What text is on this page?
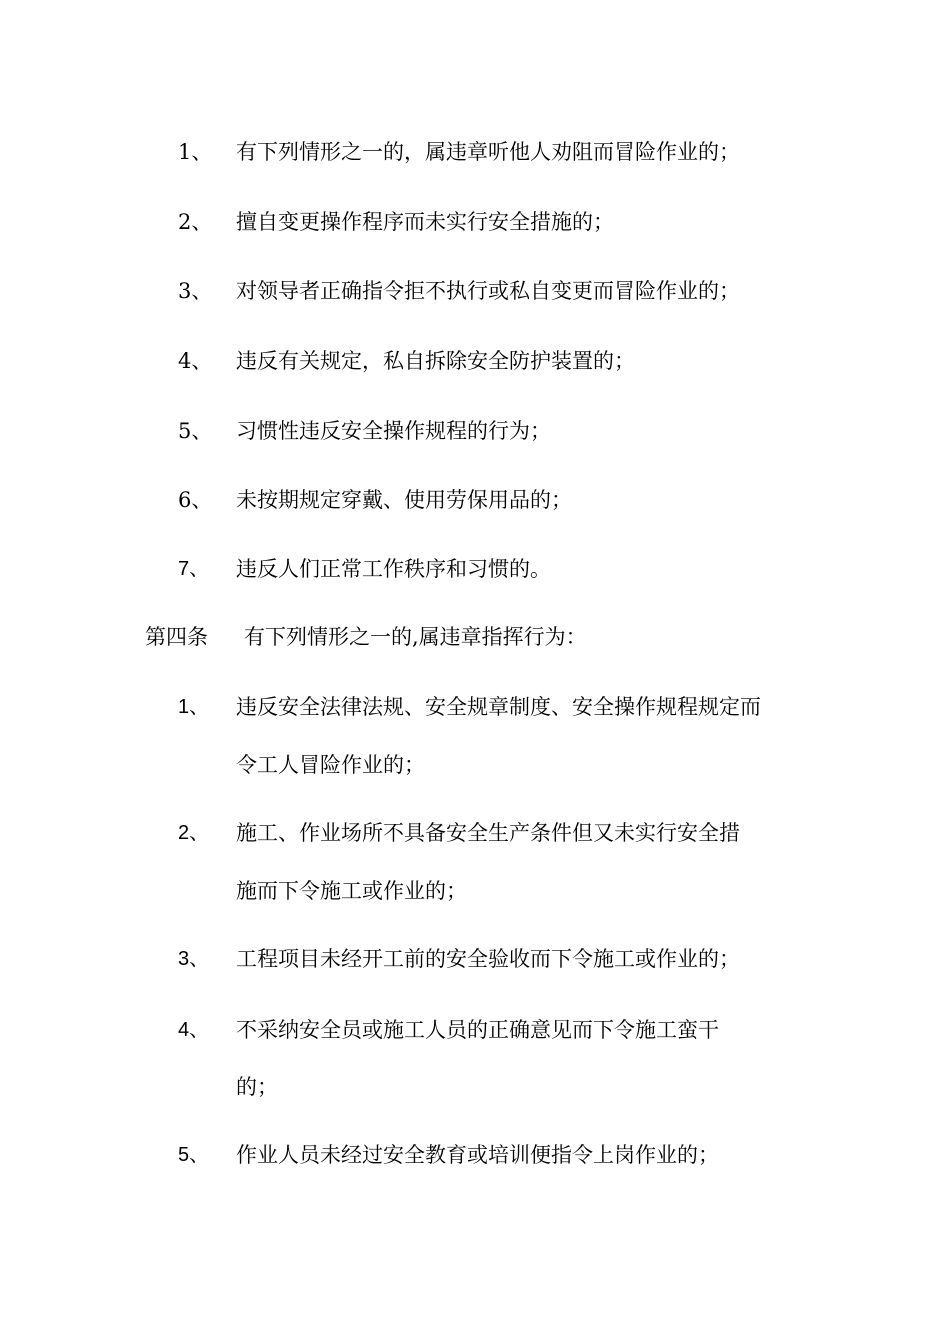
1、	有下列情形之一的，属违章听他人劝阻而冒险作业的；
2、	擅自变更操作程序而未实行安全措施的；
3、	对领导者正确指令拒不执行或私自变更而冒险作业的；
4、	违反有关规定，私自拆除安全防护装置的；
5、	习惯性违反安全操作规程的行为；
6、	未按期规定穿戴、使用劳保用品的；
7、	违反人们正常工作秩序和习惯的。
第四条 有下列情形之一的,属违章指挥行为：
1、	违反安全法律法规、安全规章制度、安全操作规程规定而
令工人冒险作业的；
2、	施工、作业场所不具备安全生产条件但又未实行安全措
施而下令施工或作业的；
3、	工程项目未经开工前的安全验收而下令施工或作业的；
4、	不采纳安全员或施工人员的正确意见而下令施工蛮干
的；
5、	作业人员未经过安全教育或培训便指令上岗作业的；
